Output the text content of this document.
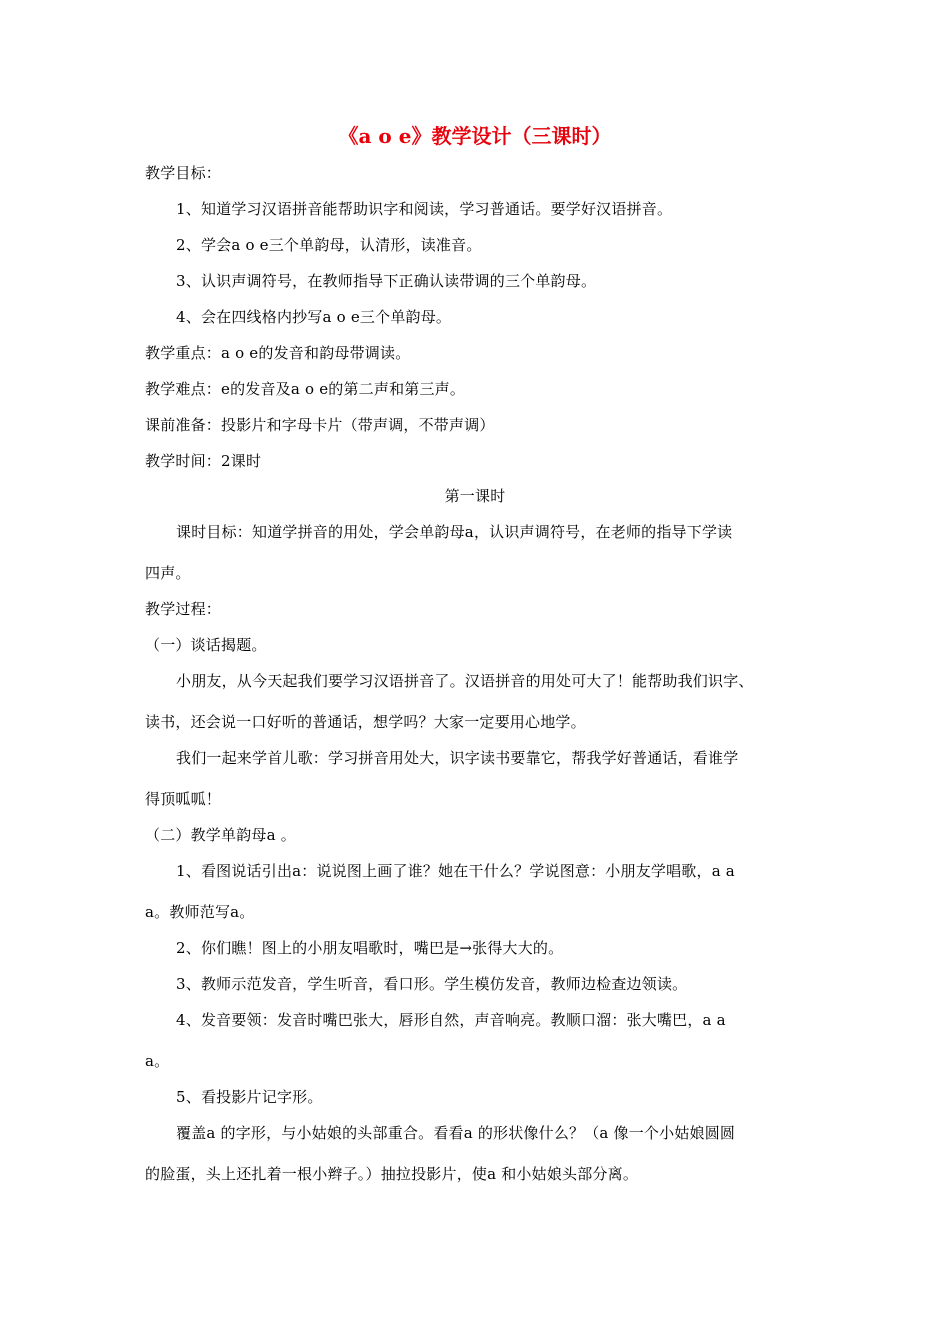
《a o e》教学设计（三课时）
教学目标：
1、知道学习汉语拼音能帮助识字和阅读，学习普通话。要学好汉语拼音。
2、学会a o e三个单韵母，认清形，读准音。
3、认识声调符号，在教师指导下正确认读带调的三个单韵母。
4、会在四线格内抄写a o e三个单韵母。
教学重点：a o e的发音和韵母带调读。
教学难点：e的发音及a o e的第二声和第三声。
课前准备：投影片和字母卡片（带声调，不带声调）
教学时间：2课时
第一课时
课时目标：知道学拼音的用处，学会单韵母a，认识声调符号，在老师的指导下学读
四声。
教学过程：
（一）谈话揭题。
小朋友，从今天起我们要学习汉语拼音了。汉语拼音的用处可大了！能帮助我们识字、
读书，还会说一口好听的普通话，想学吗？大家一定要用心地学。
我们一起来学首儿歌：学习拼音用处大，识字读书要靠它，帮我学好普通话，看谁学
得顶呱呱！
（二）教学单韵母a 。
1、看图说话引出a：说说图上画了谁？她在干什么？学说图意：小朋友学唱歌，a a
a。教师范写a。
2、你们瞧！图上的小朋友唱歌时，嘴巴是→张得大大的。
3、教师示范发音，学生听音，看口形。学生模仿发音，教师边检查边领读。
4、发音要领：发音时嘴巴张大，唇形自然，声音响亮。教顺口溜：张大嘴巴，a a
a。
5、看投影片记字形。
覆盖a 的字形，与小姑娘的头部重合。看看a 的形状像什么？（a 像一个小姑娘圆圆
的脸蛋，头上还扎着一根小辫子。）抽拉投影片，使a 和小姑娘头部分离。
